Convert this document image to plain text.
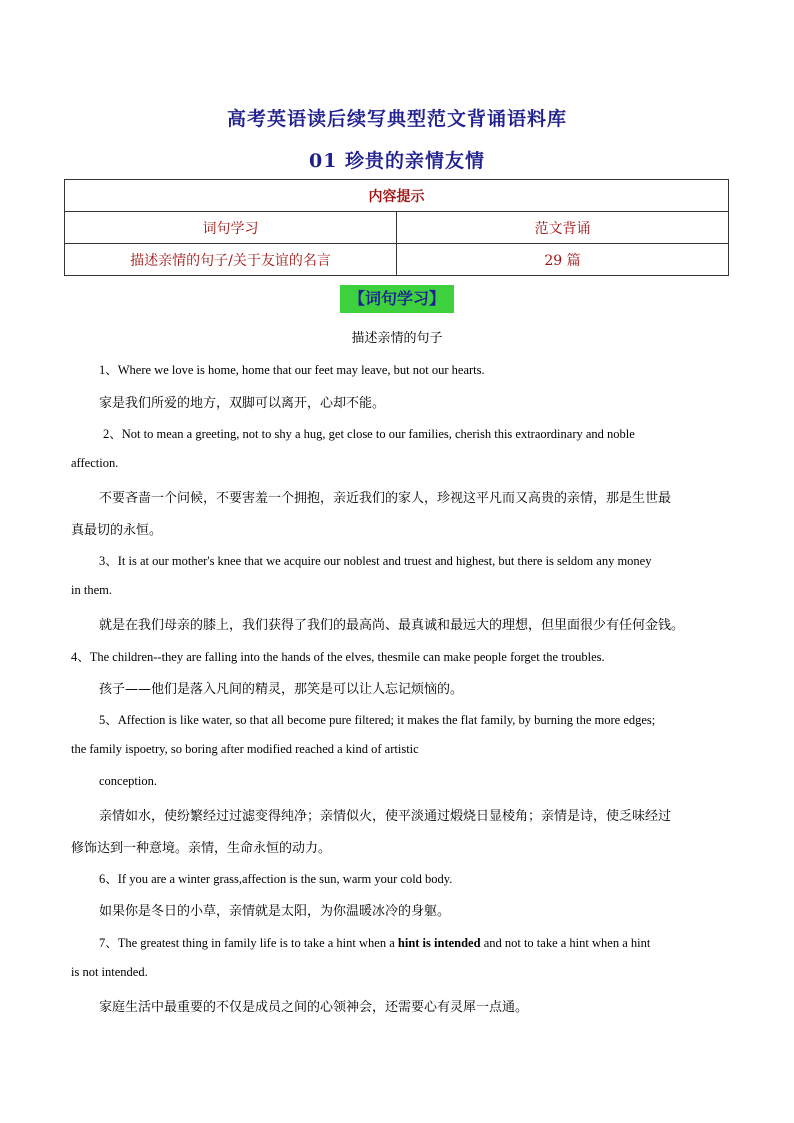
高考英语读后续写典型范文背诵语料库
01 珍贵的亲情友情
内容提示	
词句学习	范文背诵
描述亲情的句子/关于友谊的名言	29 篇
【词句学习】
描述亲情的句子
1、Where we love is home, home that our feet may leave, but not our hearts.
家是我们所爱的地方，双脚可以离开，心却不能。
2、Not to mean a greeting, not to shy a hug, get close to our families, cherish this extraordinary and noble
affection.
不要吝啬一个问候，不要害羞一个拥抱，亲近我们的家人，珍视这平凡而又高贵的亲情，那是生世最
真最切的永恒。
3、It is at our mother's knee that we acquire our noblest and truest and highest, but there is seldom any money
in them.
就是在我们母亲的膝上，我们获得了我们的最高尚、最真诚和最远大的理想，但里面很少有任何金钱。
4、The children--they are falling into the hands of the elves, thesmile can make people forget the troubles.
孩子——他们是落入凡间的精灵，那笑是可以让人忘记烦恼的。
5、Affection is like water, so that all become pure filtered; it makes the flat family, by burning the more edges;
the family ispoetry, so boring after modified reached a kind of artistic
conception.
亲情如水，使纷繁经过过滤变得纯净；亲情似火，使平淡通过煅烧日显棱角；亲情是诗，使乏味经过
修饰达到一种意境。亲情，生命永恒的动力。
6、If you are a winter grass,affection is the sun, warm your cold body.
如果你是冬日的小草，亲情就是太阳，为你温暖冰冷的身躯。
7、The greatest thing in family life is to take a hint when a hint is intended and not to take a hint when a hint
is not intended.
家庭生活中最重要的不仅是成员之间的心领神会，还需要心有灵犀一点通。
